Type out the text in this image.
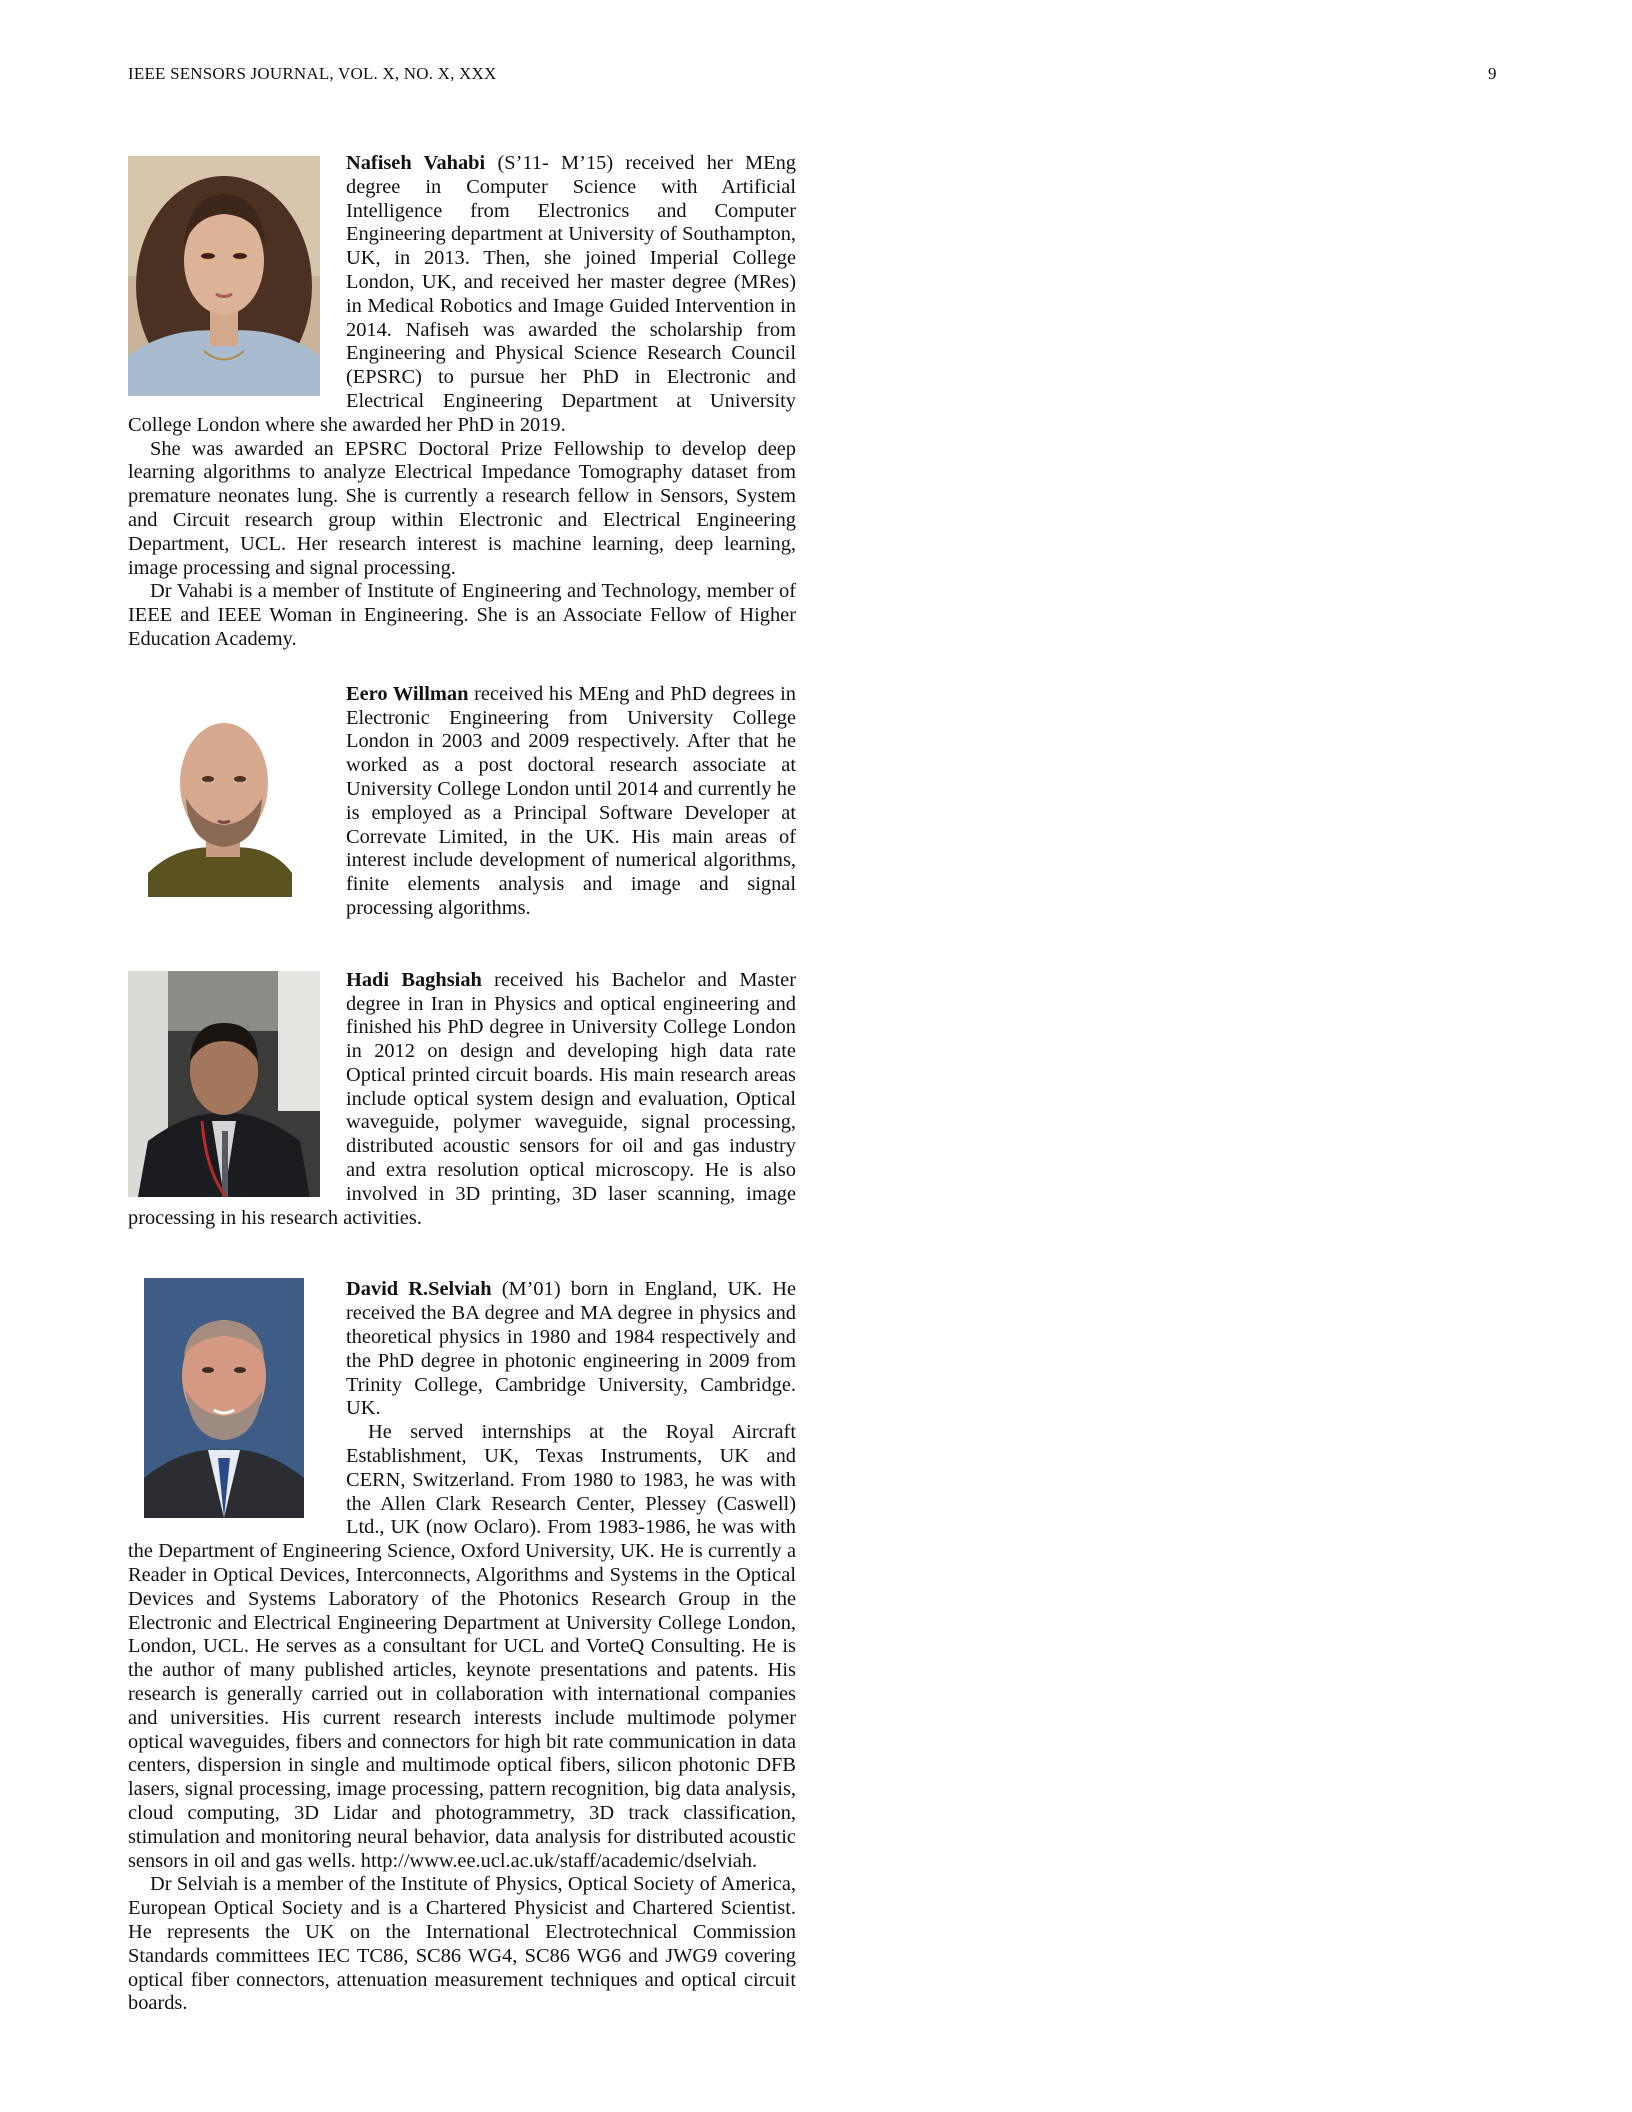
IEEE SENSORS JOURNAL, VOL. X, NO. X, XXX	9

Nafiseh Vahabi (S’11- M’15) received her MEng degree in Computer Science with Artificial Intelligence from Electronics and Computer Engineering department at University of Southampton, UK, in 2013. Then, she joined Imperial College London, UK, and received her master degree (MRes) in Medical Robotics and Image Guided Intervention in 2014. Nafiseh was awarded the scholarship from Engineering and Physical Science Research Council (EPSRC) to pursue her PhD in Electronic and Electrical Engineering Department at University College London where she awarded her PhD in 2019.

She was awarded an EPSRC Doctoral Prize Fellowship to develop deep learning algorithms to analyze Electrical Impedance Tomography dataset from premature neonates lung. She is currently a research fellow in Sensors, System and Circuit research group within Electronic and Electrical Engineering Department, UCL. Her research interest is machine learning, deep learning, image processing and signal processing.

Dr Vahabi is a member of Institute of Engineering and Technology, member of IEEE and IEEE Woman in Engineering. She is an Associate Fellow of Higher Education Academy.

Eero Willman received his MEng and PhD degrees in Electronic Engineering from University College London in 2003 and 2009 respectively. After that he worked as a post doctoral research associate at University College London until 2014 and currently he is employed as a Principal Software Developer at Correvate Limited, in the UK. His main areas of interest include development of numerical algorithms, finite elements analysis and image and signal processing algorithms.

Hadi Baghsiah received his Bachelor and Master degree in Iran in Physics and optical engineering and finished his PhD degree in University College London in 2012 on design and developing high data rate Optical printed circuit boards. His main research areas include optical system design and evaluation, Optical waveguide, polymer waveguide, signal processing, distributed acoustic sensors for oil and gas industry and extra resolution optical microscopy. He is also involved in 3D printing, 3D laser scanning, image processing in his research activities.

David R.Selviah (M’01) born in England, UK. He received the BA degree and MA degree in physics and theoretical physics in 1980 and 1984 respectively and the PhD degree in photonic engineering in 2009 from Trinity College, Cambridge University, Cambridge. UK.

He served internships at the Royal Aircraft Establishment, UK, Texas Instruments, UK and CERN, Switzerland. From 1980 to 1983, he was with the Allen Clark Research Center, Plessey (Caswell) Ltd., UK (now Oclaro). From 1983-1986, he was with the Department of Engineering Science, Oxford University, UK. He is currently a Reader in Optical Devices, Interconnects, Algorithms and Systems in the Optical Devices and Systems Laboratory of the Photonics Research Group in the Electronic and Electrical Engineering Department at University College London, London, UCL. He serves as a consultant for UCL and VorteQ Consulting. He is the author of many published articles, keynote presentations and patents. His research is generally carried out in collaboration with international companies and universities. His current research interests include multimode polymer optical waveguides, fibers and connectors for high bit rate communication in data centers, dispersion in single and multimode optical fibers, silicon photonic DFB lasers, signal processing, image processing, pattern recognition, big data analysis, cloud computing, 3D Lidar and photogrammetry, 3D track classification, stimulation and monitoring neural behavior, data analysis for distributed acoustic sensors in oil and gas wells. http://www.ee.ucl.ac.uk/staff/academic/dselviah.

Dr Selviah is a member of the Institute of Physics, Optical Society of America, European Optical Society and is a Chartered Physicist and Chartered Scientist. He represents the UK on the International Electrotechnical Commission Standards committees IEC TC86, SC86 WG4, SC86 WG6 and JWG9 covering optical fiber connectors, attenuation measurement techniques and optical circuit boards.
